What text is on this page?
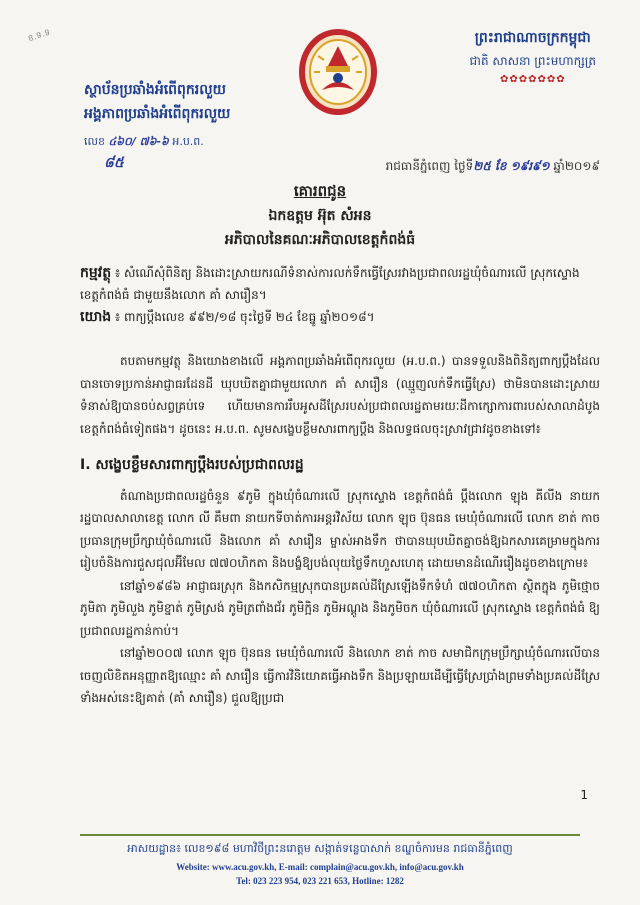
ខ.ទ.ទ	ព្រះរាជាណាចក្រកម្ពុជា
ជាតិ សាសនា ព្រះមហាក្សត្រ
✿✿✿✿✿✿✿
ស្ថាប័នប្រឆាំងអំពើពុករលួយ
អង្គភាពប្រឆាំងអំពើពុករលួយ
លេខ ៤៦០/ ៧៦-៦ អ.ប.ព.
៨៥	រាជធានីភ្នំពេញ ថ្ងៃទី២៥ ខែ ១៩រ៩១ ឆ្នាំ២០១៩
គោរពជូន
ឯកឧត្តម អ៊ុត សំអន
អភិបាលនៃគណៈអភិបាលខេត្តកំពង់ធំ
កម្មវត្ថុ ៖ សំណើសុំពិនិត្យ និងដោះស្រាយករណីទំនាស់ការលក់ទឹកធ្វើស្រែរវាងប្រជាពលរដ្ឋឃុំចំណារលើ ស្រុកស្ទោង ខេត្តកំពង់ធំ ជាមួយនឹងលោក គាំ សារឿន។
យោង ៖ ពាក្យប្តឹងលេខ ៩៩២/១៨ ចុះថ្ងៃទី ២៤ ខែធ្នូ ឆ្នាំ២០១៨។

តបតាមកម្មវត្ថុ និងយោងខាងលើ អង្គភាពប្រឆាំងអំពើពុករលួយ (អ.ប.ព.) បានទទួលនិងពិនិត្យពាក្យប្តឹងដែលបានចោទប្រកាន់អាជ្ញាធរដែនដី ឃុបឃិតគ្នាជាមួយលោក គាំ សារឿន (ឈ្មួញលក់ទឹកធ្វើស្រែ) ថាមិនបានដោះស្រាយទំនាស់ឱ្យបានចប់សព្វគ្រប់ទេ ហើយមានការរឹបអូសដីស្រែរបស់ប្រជាពលរដ្ឋតាមរយៈដីកាក្សោការពារបស់សាលាដំបូងខេត្តកំពង់ធំទៀតផង។ ដូចនេះ អ.ប.ព. សូមសង្ខេបខ្លឹមសារពាក្យប្តឹង និងលទ្ធផលចុះស្រាវជ្រាវដូចខាងទៅ៖

I. សង្ខេបខ្លឹមសារពាក្យប្តឹងរបស់ប្រជាពលរដ្ឋ

តំណាងប្រជាពលរដ្ឋចំនួន ៩ភូមិ ក្នុងឃុំចំណារលើ ស្រុកស្ទោង ខេត្តកំពង់ធំ ប្តឹងលោក ឡុង គីលីង នាយករដ្ឋបាលសាលាខេត្ត លោក លី គឹមពា នាយកទីចាត់ការអន្តរវិស័យ លោក ឡុច ប៊ុនធន មេឃុំចំណារលើ លោក ខាត់ កាច ប្រធានក្រុមប្រឹក្សាឃុំចំណារលើ និងលោក គាំ សារឿន ម្ចាស់អាងទឹក ថាបានឃុបឃិតគ្នាចង់ឱ្យឯកសារគេម្រាមក្នុងការរៀបចំនិងការជួសជុលអ៊ីមែល ៧៧០ហិកតា និងបង្ខំឱ្យបង់លុយថ្លៃទឹកហួសហេតុ ដោយមានដំណើររឿងដូចខាងក្រោម៖

នៅឆ្នាំ១៩៨៦ អាជ្ញាធរស្រុក និងកសិកម្មស្រុកបានប្រគល់ដីស្រែឡើងទឹកទំហំ ៧៧០ហិកតា ស្ថិតក្នុង ភូមិថ្មោច ភូមិតា ភូមិលួង ភូមិខ្នាត់ ភូមិស្រង់ ភូមិត្រពាំងជ័រ ភូមិក្អិន ភូមិអណ្តូង និងភូមិចក ឃុំចំណារលើ ស្រុកស្ទោង ខេត្តកំពង់ធំ ឱ្យប្រជាពលរដ្ឋកាន់កាប់។

នៅឆ្នាំ២០០៧ លោក ឡុច ប៊ុនធន មេឃុំចំណារលើ និងលោក ខាត់ កាច សមាជិកក្រុមប្រឹក្សាឃុំចំណារលើបានចេញលិខិតអនុញ្ញាតឱ្យឈ្មោះ គាំ សារឿន ធ្វើការវិនិយោគធ្វើអាងទឹក និងប្រឡាយដើម្បីធ្វើស្រែប្រាំងព្រមទាំងប្រគល់ដីស្រែទាំងអស់នេះឱ្យគាត់ (គាំ សារឿន) ជួលឱ្យប្រជា

1
អាសយដ្ឋាន៖ លេខ១៩៨ មហាវិថីព្រះនរោត្តម សង្កាត់ទន្លេបាសាក់ ខណ្ឌចំការមន រាជធានីភ្នំពេញ
Website: www.acu.gov.kh, E-mail: complain@acu.gov.kh, info@acu.gov.kh
Tel: 023 223 954, 023 221 653, Hotline: 1282
